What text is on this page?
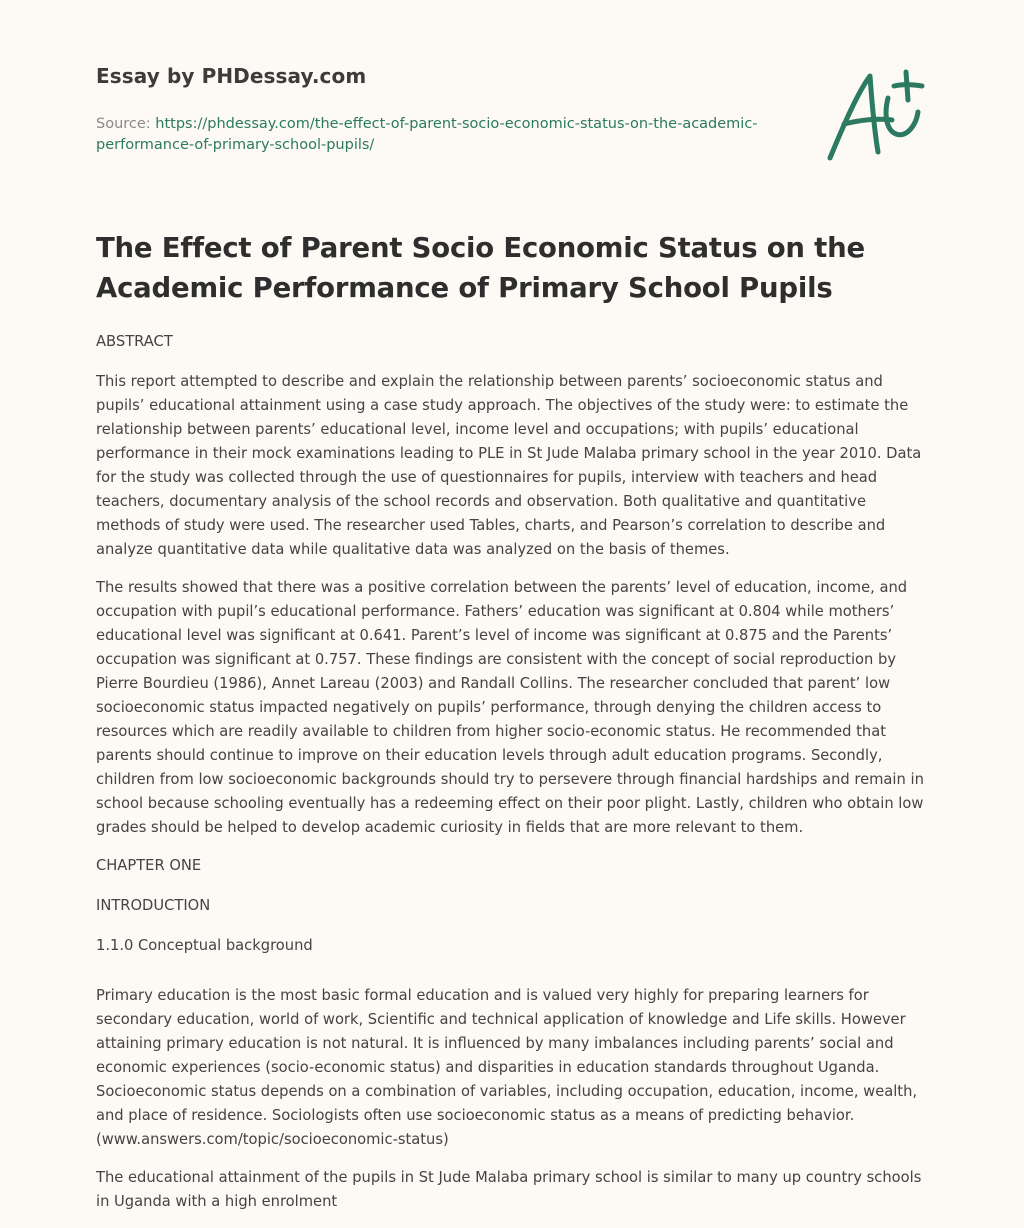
Essay by PHDessay.com
Source: https://phdessay.com/the-effect-of-parent-socio-economic-status-on-the-academic-performance-of-primary-school-pupils/
The Effect of Parent Socio Economic Status on the Academic Performance of Primary School Pupils

ABSTRACT

This report attempted to describe and explain the relationship between parents’ socioeconomic status and pupils’ educational attainment using a case study approach. The objectives of the study were: to estimate the relationship between parents’ educational level, income level and occupations; with pupils’ educational performance in their mock examinations leading to PLE in St Jude Malaba primary school in the year 2010. Data for the study was collected through the use of questionnaires for pupils, interview with teachers and head teachers, documentary analysis of the school records and observation. Both qualitative and quantitative methods of study were used. The researcher used Tables, charts, and Pearson’s correlation to describe and analyze quantitative data while qualitative data was analyzed on the basis of themes.

The results showed that there was a positive correlation between the parents’ level of education, income, and occupation with pupil’s educational performance. Fathers’ education was significant at 0.804 while mothers’ educational level was significant at 0.641. Parent’s level of income was significant at 0.875 and the Parents’ occupation was significant at 0.757. These findings are consistent with the concept of social reproduction by Pierre Bourdieu (1986), Annet Lareau (2003) and Randall Collins. The researcher concluded that parent’ low socioeconomic status impacted negatively on pupils’ performance, through denying the children access to resources which are readily available to children from higher socio-economic status. He recommended that parents should continue to improve on their education levels through adult education programs. Secondly, children from low socioeconomic backgrounds should try to persevere through financial hardships and remain in school because schooling eventually has a redeeming effect on their poor plight. Lastly, children who obtain low grades should be helped to develop academic curiosity in fields that are more relevant to them.

CHAPTER ONE

INTRODUCTION

1.1.0 Conceptual background

Primary education is the most basic formal education and is valued very highly for preparing learners for secondary education, world of work, Scientific and technical application of knowledge and Life skills. However attaining primary education is not natural. It is influenced by many imbalances including parents’ social and economic experiences (socio-economic status) and disparities in education standards throughout Uganda. Socioeconomic status depends on a combination of variables, including occupation, education, income, wealth, and place of residence. Sociologists often use socioeconomic status as a means of predicting behavior. (www.answers.com/topic/socioeconomic-status)

The educational attainment of the pupils in St Jude Malaba primary school is similar to many up country schools in Uganda with a high enrolment
